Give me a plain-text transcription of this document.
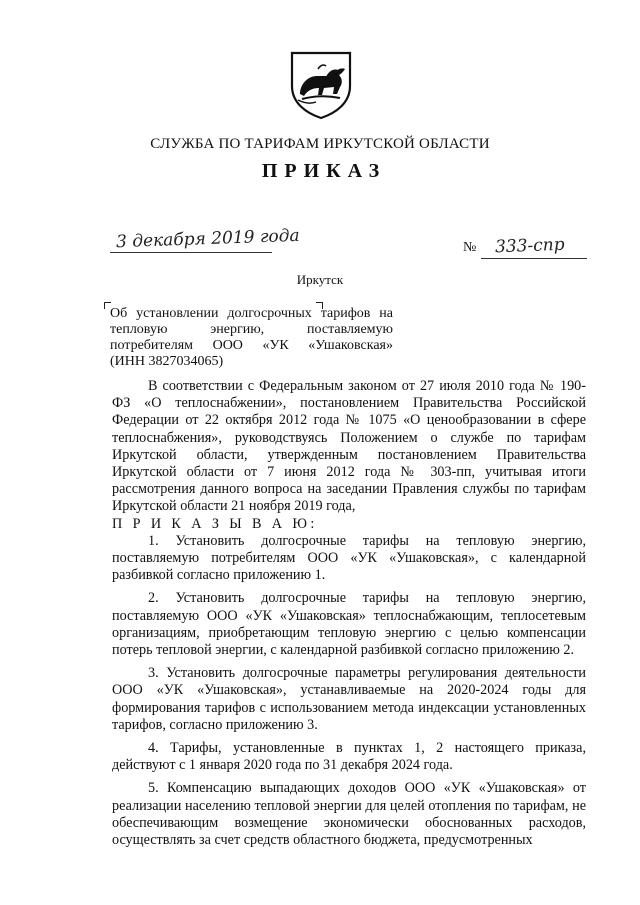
СЛУЖБА ПО ТАРИФАМ ИРКУТСКОЙ ОБЛАСТИ
ПРИКАЗ
3 декабря 2019 года	№ 333-спр
Иркутск

Об установлении долгосрочных тарифов на

тепловую энергию, поставляемую

потребителям ООО «УК «Ушаковская»

(ИНН 3827034065)

В соответствии с Федеральным законом от 27 июля 2010 года № 190-ФЗ «О теплоснабжении», постановлением Правительства Российской Федерации от 22 октября 2012 года № 1075 «О ценообразовании в сфере теплоснабжения», руководствуясь Положением о службе по тарифам Иркутской области, утвержденным постановлением Правительства Иркутской области от 7 июня 2012 года № 303-пп, учитывая итоги рассмотрения данного вопроса на заседании Правления службы по тарифам Иркутской области 21 ноября 2019 года,

П Р И К А З Ы В А Ю:

1. Установить долгосрочные тарифы на тепловую энергию, поставляемую потребителям ООО «УК «Ушаковская», с календарной разбивкой согласно приложению 1.

2. Установить долгосрочные тарифы на тепловую энергию, поставляемую ООО «УК «Ушаковская» теплоснабжающим, теплосетевым организациям, приобретающим тепловую энергию с целью компенсации потерь тепловой энергии, с календарной разбивкой согласно приложению 2.

3. Установить долгосрочные параметры регулирования деятельности ООО «УК «Ушаковская», устанавливаемые на 2020-2024 годы для формирования тарифов с использованием метода индексации установленных тарифов, согласно приложению 3.

4. Тарифы, установленные в пунктах 1, 2 настоящего приказа, действуют с 1 января 2020 года по 31 декабря 2024 года.

5. Компенсацию выпадающих доходов ООО «УК «Ушаковская» от реализации населению тепловой энергии для целей отопления по тарифам, не обеспечивающим возмещение экономически обоснованных расходов, осуществлять за счет средств областного бюджета, предусмотренных
